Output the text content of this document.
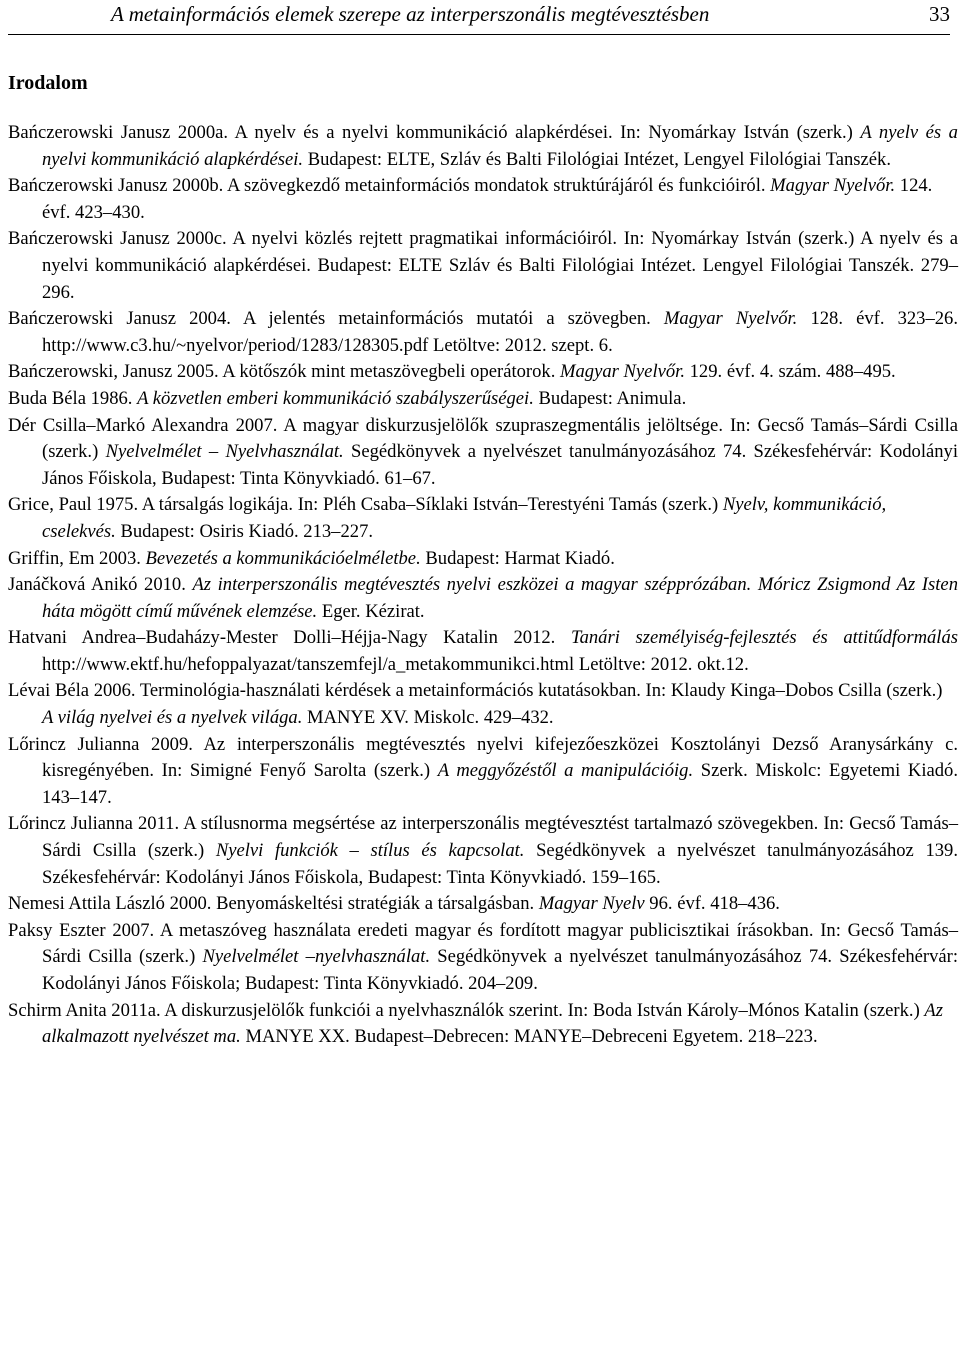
A metainformációs elemek szerepe az interperszonális megtévesztésben	33
Irodalom

Bańczerowski Janusz 2000a. A nyelv és a nyelvi kommunikáció alapkérdései. In: Nyomárkay István (szerk.) A nyelv és a nyelvi kommunikáció alapkérdései. Budapest: ELTE, Szláv és Balti Filológiai Intézet, Lengyel Filológiai Tanszék.

Bańczerowski Janusz 2000b. A szövegkezdő metainformációs mondatok struktúrájáról és funkcióiról. Magyar Nyelvőr. 124. évf. 423–430.

Bańczerowski Janusz 2000c. A nyelvi közlés rejtett pragmatikai információiról. In: Nyomárkay István (szerk.) A nyelv és a nyelvi kommunikáció alapkérdései. Budapest: ELTE Szláv és Balti Filológiai Intézet. Lengyel Filológiai Tanszék. 279–296.

Bańczerowski Janusz 2004. A jelentés metainformációs mutatói a szövegben. Magyar Nyelvőr. 128. évf. 323–26. http://www.c3.hu/~nyelvor/period/1283/128305.pdf Letöltve: 2012. szept. 6.

Bańczerowski, Janusz 2005. A kötőszók mint metaszövegbeli operátorok. Magyar Nyelvőr. 129. évf. 4. szám. 488–495.

Buda Béla 1986. A közvetlen emberi kommunikáció szabályszerűségei. Budapest: Animula.

Dér Csilla–Markó Alexandra 2007. A magyar diskurzusjelölők szupraszegmentális jelöltsége. In: Gecső Tamás–Sárdi Csilla (szerk.) Nyelvelmélet – Nyelvhasználat. Segédkönyvek a nyelvészet tanulmányozásához 74. Székesfehérvár: Kodolányi János Főiskola, Budapest: Tinta Könyvkiadó. 61–67.

Grice, Paul 1975. A társalgás logikája. In: Pléh Csaba–Síklaki István–Terestyéni Tamás (szerk.) Nyelv, kommunikáció, cselekvés. Budapest: Osiris Kiadó. 213–227.

Griffin, Em 2003. Bevezetés a kommunikációelméletbe. Budapest: Harmat Kiadó.

Janáčková Anikó 2010. Az interperszonális megtévesztés nyelvi eszközei a magyar szépprózában. Móricz Zsigmond Az Isten háta mögött című művének elemzése. Eger. Kézirat.

Hatvani Andrea–Budaházy-Mester Dolli–Héjja-Nagy Katalin 2012. Tanári személyiség-fejlesztés és attitűdformálás http://www.ektf.hu/hefoppalyazat/tanszemfejl/a_metakommunikci.html Letöltve: 2012. okt.12.

Lévai Béla 2006. Terminológia-használati kérdések a metainformációs kutatásokban. In: Klaudy Kinga–Dobos Csilla (szerk.) A világ nyelvei és a nyelvek világa. MANYE XV. Miskolc. 429–432.

Lőrincz Julianna 2009. Az interperszonális megtévesztés nyelvi kifejezőeszközei Kosztolányi Dezső Aranysárkány c. kisregényében. In: Simigné Fenyő Sarolta (szerk.) A meggyőzéstől a manipulációig. Szerk. Miskolc: Egyetemi Kiadó. 143–147.

Lőrincz Julianna 2011. A stílusnorma megsértése az interperszonális megtévesztést tartalmazó szövegekben. In: Gecső Tamás–Sárdi Csilla (szerk.) Nyelvi funkciók – stílus és kapcsolat. Segédkönyvek a nyelvészet tanulmányozásához 139. Székesfehérvár: Kodolányi János Főiskola, Budapest: Tinta Könyvkiadó. 159–165.

Nemesi Attila László 2000. Benyomáskeltési stratégiák a társalgásban. Magyar Nyelv 96. évf. 418–436.

Paksy Eszter 2007. A metaszóveg használata eredeti magyar és fordított magyar publicisztikai írásokban. In: Gecső Tamás–Sárdi Csilla (szerk.) Nyelvelmélet –nyelvhasználat. Segédkönyvek a nyelvészet tanulmányozásához 74. Székesfehérvár: Kodolányi János Főiskola; Budapest: Tinta Könyvkiadó. 204–209.

Schirm Anita 2011a. A diskurzusjelölők funkciói a nyelvhasználók szerint. In: Boda István Károly–Mónos Katalin (szerk.) Az alkalmazott nyelvészet ma. MANYE XX. Budapest–Debrecen: MANYE–Debreceni Egyetem. 218–223.
